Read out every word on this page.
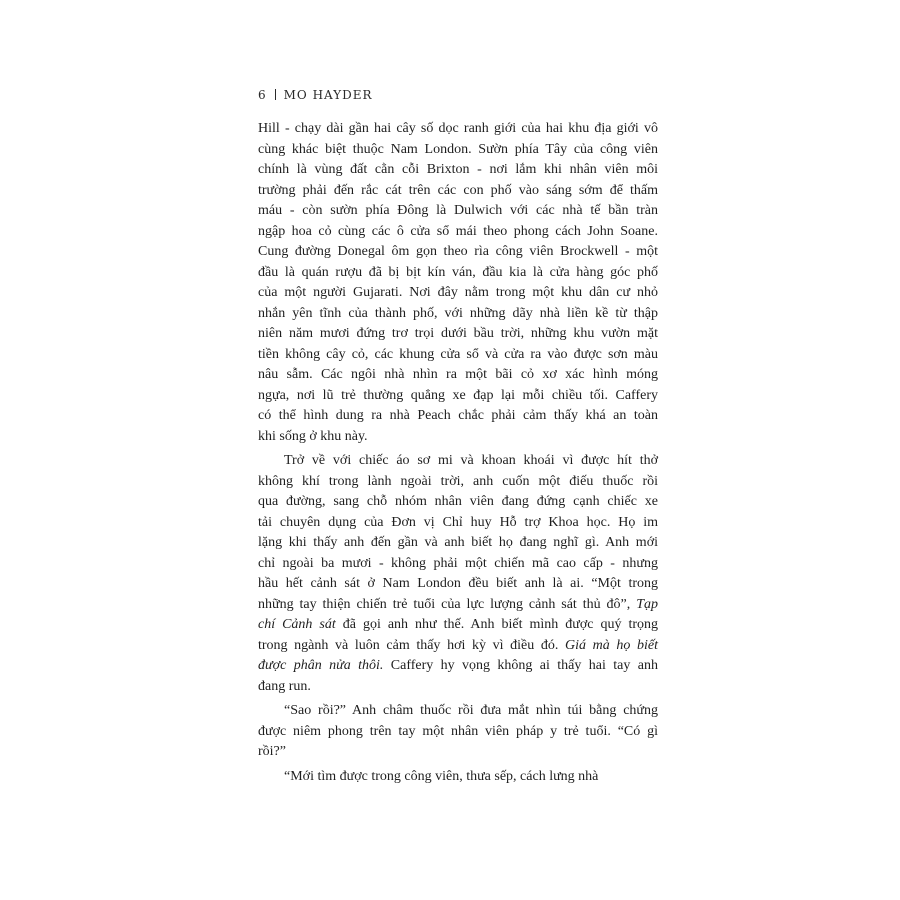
6 MO HAYDER
Hill - chạy dài gần hai cây số dọc ranh giới của hai khu địa giới vô
cùng khác biệt thuộc Nam London. Sườn phía Tây của công viên
chính là vùng đất cằn cỗi Brixton - nơi lắm khi nhân viên môi
trường phải đến rắc cát trên các con phố vào sáng sớm để thấm
máu - còn sườn phía Đông là Dulwich với các nhà tế bần tràn
ngập hoa cỏ cùng các ô cửa sổ mái theo phong cách John Soane.
Cung đường Donegal ôm gọn theo rìa công viên Brockwell - một
đầu là quán rượu đã bị bịt kín ván, đầu kia là cửa hàng góc phố
của một người Gujarati. Nơi đây nằm trong một khu dân cư nhỏ
nhắn yên tĩnh của thành phố, với những dãy nhà liền kề từ thập
niên năm mươi đứng trơ trọi dưới bầu trời, những khu vườn mặt
tiền không cây cỏ, các khung cửa sổ và cửa ra vào được sơn màu
nâu sẫm. Các ngôi nhà nhìn ra một bãi cỏ xơ xác hình móng
ngựa, nơi lũ trẻ thường quẳng xe đạp lại mỗi chiều tối. Caffery
có thể hình dung ra nhà Peach chắc phải cảm thấy khá an toàn
khi sống ở khu này.
Trở về với chiếc áo sơ mi và khoan khoái vì được hít thở
không khí trong lành ngoài trời, anh cuốn một điếu thuốc rồi
qua đường, sang chỗ nhóm nhân viên đang đứng cạnh chiếc xe
tải chuyên dụng của Đơn vị Chỉ huy Hỗ trợ Khoa học. Họ im
lặng khi thấy anh đến gần và anh biết họ đang nghĩ gì. Anh mới
chỉ ngoài ba mươi - không phải một chiến mã cao cấp - nhưng
hầu hết cảnh sát ở Nam London đều biết anh là ai. “Một trong
những tay thiện chiến trẻ tuổi của lực lượng cảnh sát thủ đô”, Tạp
chí Cảnh sát đã gọi anh như thế. Anh biết mình được quý trọng
trong ngành và luôn cảm thấy hơi kỳ vì điều đó. Giá mà họ biết
được phân nửa thôi. Caffery hy vọng không ai thấy hai tay anh
đang run.
“Sao rồi?” Anh châm thuốc rồi đưa mắt nhìn túi bằng chứng
được niêm phong trên tay một nhân viên pháp y trẻ tuổi. “Có gì
rồi?”
“Mới tìm được trong công viên, thưa sếp, cách lưng nhà
